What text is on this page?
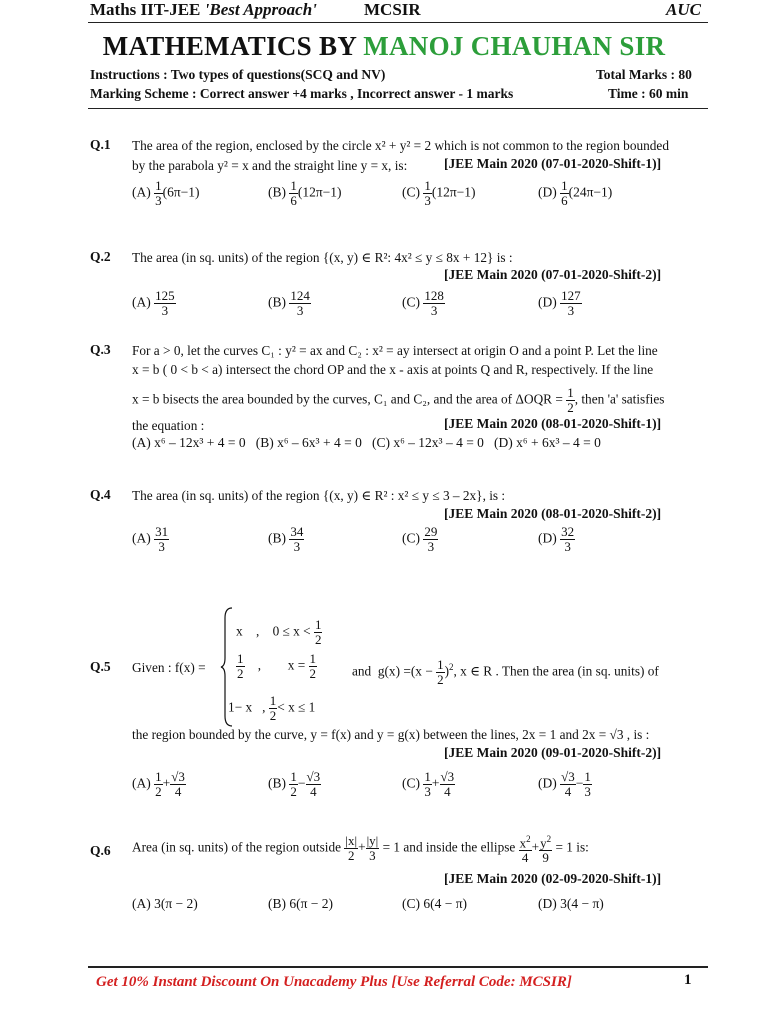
Maths IIT-JEE 'Best Approach'	MCSIR	AUC
MATHEMATICS BY MANOJ CHAUHAN SIR
Instructions : Two types of questions(SCQ and NV)
Marking Scheme : Correct answer +4 marks , Incorrect answer - 1 marks
Total Marks : 80
Time : 60 min
Q.1 The area of the region, enclosed by the circle x² + y² = 2 which is not common to the region bounded
by the parabola y² = x and the straight line y = x, is:	[JEE Main 2020 (07-01-2020-Shift-1)]
$(A) \frac{1}{3} (6\pi-1)$	$(B) \frac{1}{6} (12\pi-1)$	$(C) \frac{1}{3} (12\pi-1)$	$(D) \frac{1}{6} (24\pi-1)$
Q.2 The area (in sq. units) of the region {(x, y) ∈ R²: 4x² ≤ y ≤ 8x + 12} is :
[JEE Main 2020 (07-01-2020-Shift-2)]
$(A) \frac{125}{3}$	$(B) \frac{124}{3}$	$(C) \frac{128}{3}$	$(D) \frac{127}{3}$
Q.3 For a > 0, let the curves C₁ : y² = ax and C₂ : x² = ay intersect at origin O and a point P. Let the line
x = b ( 0 < b < a) intersect the chord OP and the x - axis at points Q and R, respectively. If the line
x = b bisects the area bounded by the curves, C₁ and C₂, and the area of $\Delta OQR = \frac{1}{2}$ , then 'a' satisfies
the equation :	[JEE Main 2020 (08-01-2020-Shift-1)]
(A) x⁶ – 12x³ + 4 = 0   (B) x⁶ – 6x³ + 4 = 0   (C) x⁶ – 12x³ – 4 = 0   (D) x⁶ + 6x³ – 4 = 0
Q.4 The area (in sq. units) of the region {(x, y) ∈ R² : x² ≤ y ≤ 3 – 2x}, is :
[JEE Main 2020 (08-01-2020-Shift-2)]
$(A) \frac{31}{3}$	$(B) \frac{34}{3}$	$(C) \frac{29}{3}$	$(D) \frac{32}{3}$
Q.5 Given : f(x) =
x    ,    $0 \le x < \frac{1}{2}$
$\frac{1}{2}$ ,        $x = \frac{1}{2}$
1− x   , $\frac{1}{2} < x \le 1$
and  $g(x) =(x - \frac{1}{2} )^2$, x ∈ R . Then the area (in sq. units) of
the region bounded by the curve, y = f(x) and y = g(x) between the lines, 2x = 1 and 2x = √3 , is :
[JEE Main 2020 (09-01-2020-Shift-2)]
$(A) \frac{1}{2} + \frac{√3}{4}$	$(B) \frac{1}{2} - \frac{√3}{4}$	$(C) \frac{1}{3} + \frac{√3}{4}$	$(D) \frac{√3}{4} - \frac{1}{3}$
Q.6 Area (in sq. units) of the region outside $\frac{|x|}{2} + \frac{|y|}{3} = 1$ and inside the ellipse $\frac{x^2}{4} + \frac{y^2}{9} = 1$ is:
[JEE Main 2020 (02-09-2020-Shift-1)]
(A) 3(π − 2)	(B) 6(π − 2)	(C) 6(4 − π)	(D) 3(4 − π)
Get 10% Instant Discount On Unacademy Plus [Use Referral Code: MCSIR]	1
